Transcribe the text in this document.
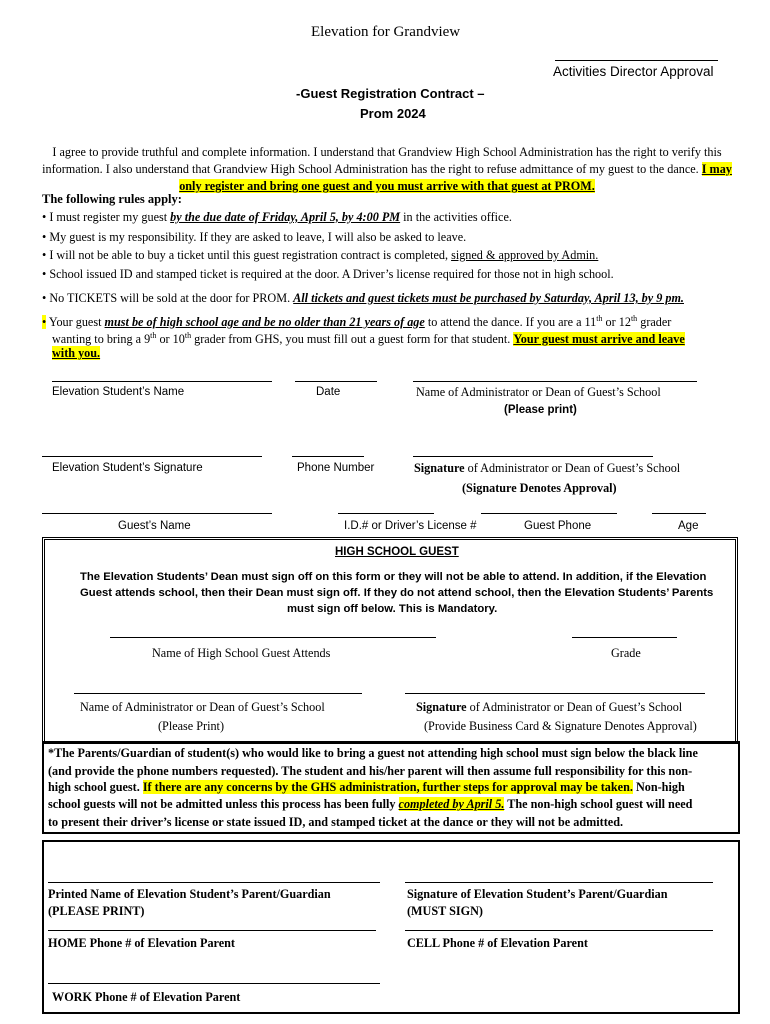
Elevation for Grandview
Activities Director Approval
-Guest Registration Contract –
Prom 2024
I agree to provide truthful and complete information. I understand that Grandview High School Administration has the right to verify this information. I also understand that Grandview High School Administration has the right to refuse admittance of my guest to the dance. I may only register and bring one guest and you must arrive with that guest at PROM.
The following rules apply:
• I must register my guest by the due date of Friday, April 5, by 4:00 PM in the activities office.
• My guest is my responsibility. If they are asked to leave, I will also be asked to leave.
• I will not be able to buy a ticket until this guest registration contract is completed, signed & approved by Admin.
• School issued ID and stamped ticket is required at the door. A Driver’s license required for those not in high school.
• No TICKETS will be sold at the door for PROM. All tickets and guest tickets must be purchased by Saturday, April 13, by 9 pm.
• Your guest must be of high school age and be no older than 21 years of age to attend the dance. If you are a 11th or 12th grader
wanting to bring a 9th or 10th grader from GHS, you must fill out a guest form for that student. Your guest must arrive and leave
with you.
Elevation Student’s Name	Date	Name of Administrator or Dean of Guest’s School
(Please print)
Elevation Student’s Signature	Phone Number	Signature of Administrator or Dean of Guest’s School
(Signature Denotes Approval)
Guest’s Name	I.D.# or Driver’s License #	Guest Phone	Age
HIGH SCHOOL GUEST
The Elevation Students’ Dean must sign off on this form or they will not be able to attend. In addition, if the Elevation
Guest attends school, then their Dean must sign off. If they do not attend school, then the Elevation Students’ Parents
must sign off below. This is Mandatory.
Name of High School Guest Attends	Grade
Name of Administrator or Dean of Guest’s School	Signature of Administrator or Dean of Guest’s School
(Please Print)	(Provide Business Card & Signature Denotes Approval)
*The Parents/Guardian of student(s) who would like to bring a guest not attending high school must sign below the black line
(and provide the phone numbers requested). The student and his/her parent will then assume full responsibility for this non-
high school guest. If there are any concerns by the GHS administration, further steps for approval may be taken. Non-high
school guests will not be admitted unless this process has been fully completed by April 5. The non-high school guest will need
to present their driver’s license or state issued ID, and stamped ticket at the dance or they will not be admitted.
Printed Name of Elevation Student’s Parent/Guardian	Signature of Elevation Student’s Parent/Guardian
(PLEASE PRINT)	(MUST SIGN)
HOME Phone # of Elevation Parent	CELL Phone # of Elevation Parent
WORK Phone # of Elevation Parent
